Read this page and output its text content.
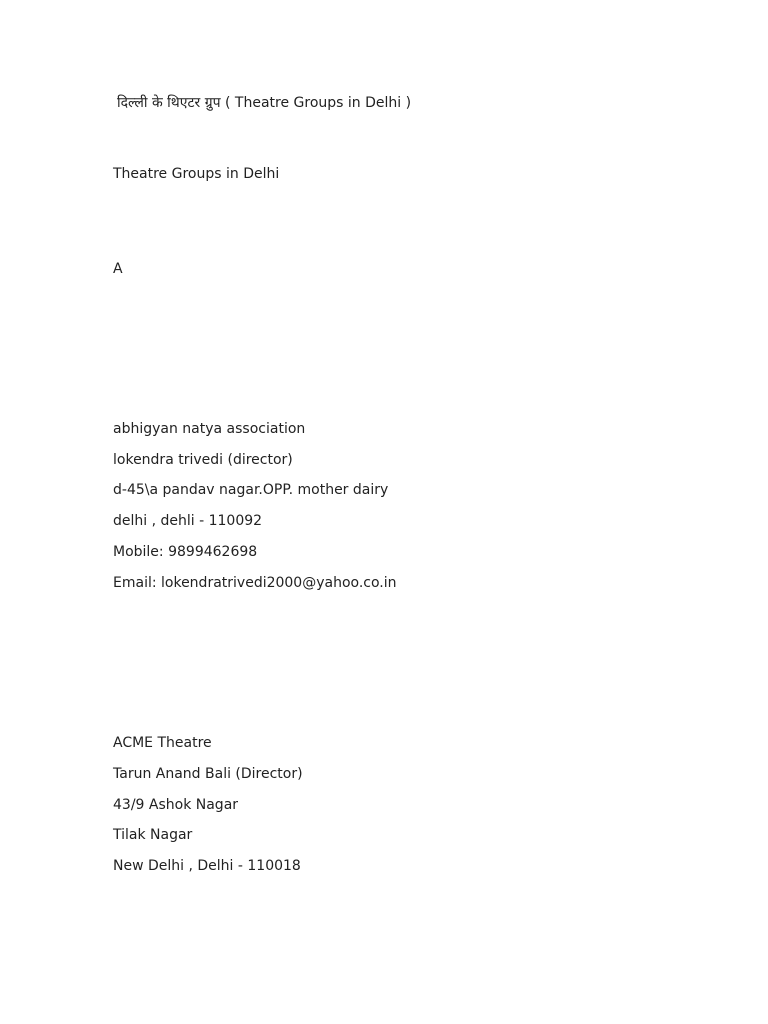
दिल्ली के थिएटर ग्रुप ( Theatre Groups in Delhi )
Theatre Groups in Delhi
A
abhigyan natya association
lokendra trivedi (director)
d-45\a pandav nagar.OPP. mother dairy
delhi , dehli - 110092
Mobile: 9899462698
Email: lokendratrivedi2000@yahoo.co.in
ACME Theatre
Tarun Anand Bali (Director)
43/9 Ashok Nagar
Tilak Nagar
New Delhi , Delhi - 110018
